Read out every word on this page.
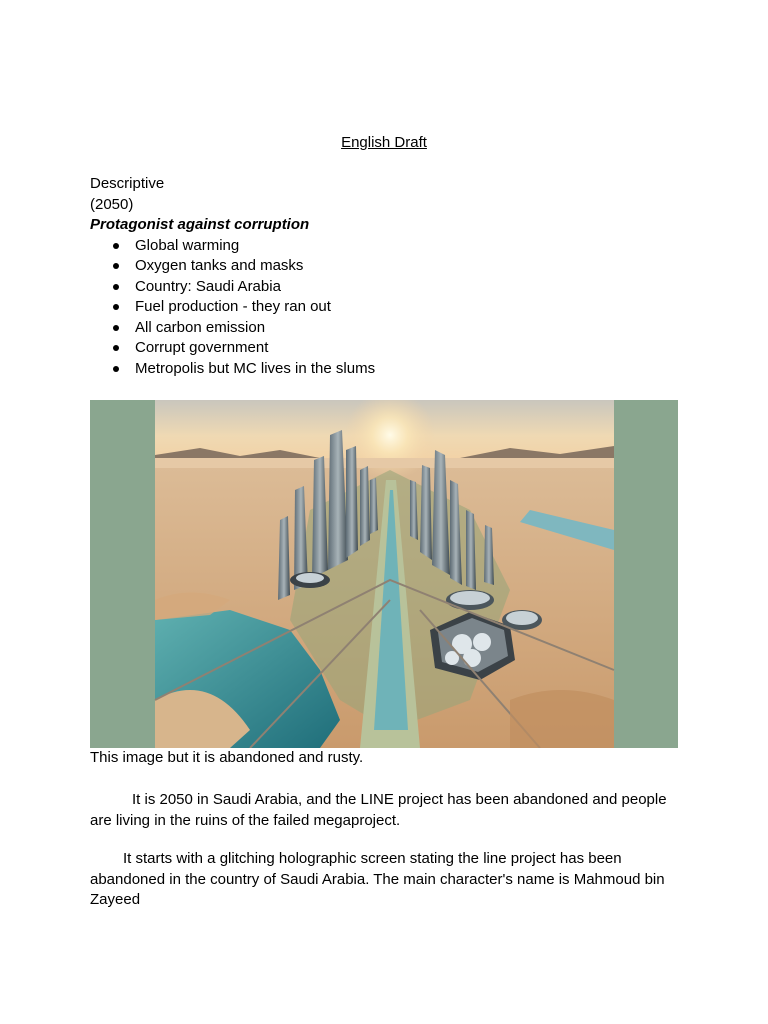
English Draft
Descriptive
(2050)
Protagonist against corruption
Global warming
Oxygen tanks and masks
Country: Saudi Arabia
Fuel production - they ran out
All carbon emission
Corrupt government
Metropolis but MC lives in the slums
This image but it is abandoned and rusty.
It is 2050 in Saudi Arabia, and the LINE project has been abandoned and people are living in the ruins of the failed megaproject.
It starts with a glitching holographic screen stating the line project has been abandoned in the country of Saudi Arabia. The main character's name is Mahmoud bin Zayeed
